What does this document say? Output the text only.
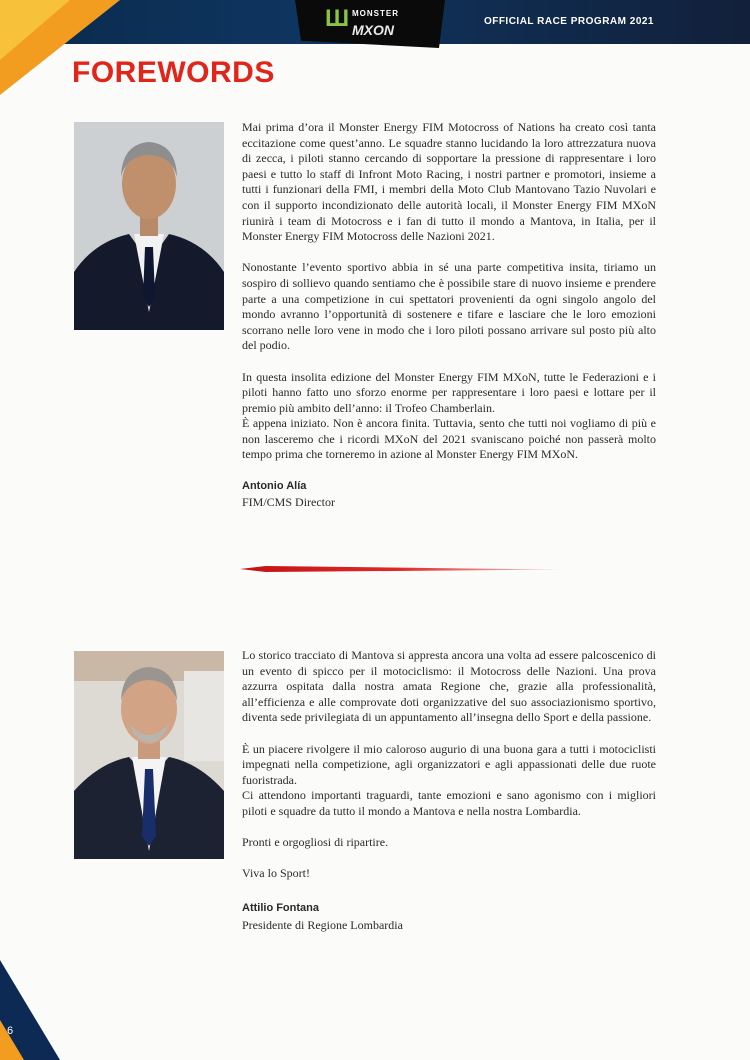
Ш MONSTER
MXON
OFFICIAL RACE PROGRAM 2021
FOREWORDS

Mai prima d’ora il Monster Energy FIM Motocross of Nations ha creato così tanta eccitazione come quest’anno. Le squadre stanno lucidando la loro attrezzatura nuova di zecca, i piloti stanno cercando di sopportare la pressione di rappresentare i loro paesi e tutto lo staff di Infront Moto Racing, i nostri partner e promotori, insieme a tutti i funzionari della FMI, i membri della Moto Club Mantovano Tazio Nuvolari e con il supporto incondizionato delle autorità locali, il Monster Energy FIM MXoN riunirà i team di Motocross e i fan di tutto il mondo a Mantova, in Italia, per il Monster Energy FIM Motocross delle Nazioni 2021.

Nonostante l’evento sportivo abbia in sé una parte competitiva insita, tiriamo un sospiro di sollievo quando sentiamo che è possibile stare di nuovo insieme e prendere parte a una competizione in cui spettatori provenienti da ogni singolo angolo del mondo avranno l’opportunità di sostenere e tifare e lasciare che le loro emozioni scorrano nelle loro vene in modo che i loro piloti possano arrivare sul posto più alto del podio.

In questa insolita edizione del Monster Energy FIM MXoN, tutte le Federazioni e i piloti hanno fatto uno sforzo enorme per rappresentare i loro paesi e lottare per il premio più ambito dell’anno: il Trofeo Chamberlain.

È appena iniziato. Non è ancora finita. Tuttavia, sento che tutti noi vogliamo di più e non lasceremo che i ricordi MXoN del 2021 svaniscano poiché non passerà molto tempo prima che torneremo in azione al Monster Energy FIM MXoN.

Antonio Alía
FIM/CMS Director

Lo storico tracciato di Mantova si appresta ancora una volta ad essere palcoscenico di un evento di spicco per il motociclismo: il Motocross delle Nazioni. Una prova azzurra ospitata dalla nostra amata Regione che, grazie alla professionalità, all’efficienza e alle comprovate doti organizzative del suo associazionismo sportivo, diventa sede privilegiata di un appuntamento all’insegna dello Sport e della passione.

È un piacere rivolgere il mio caloroso augurio di una buona gara a tutti i motociclisti impegnati nella competizione, agli organizzatori e agli appassionati delle due ruote fuoristrada.

Ci attendono importanti traguardi, tante emozioni e sano agonismo con i migliori piloti e squadre da tutto il mondo a Mantova e nella nostra Lombardia.

Pronti e orgogliosi di ripartire.

Viva lo Sport!

Attilio Fontana
Presidente di Regione Lombardia
6
